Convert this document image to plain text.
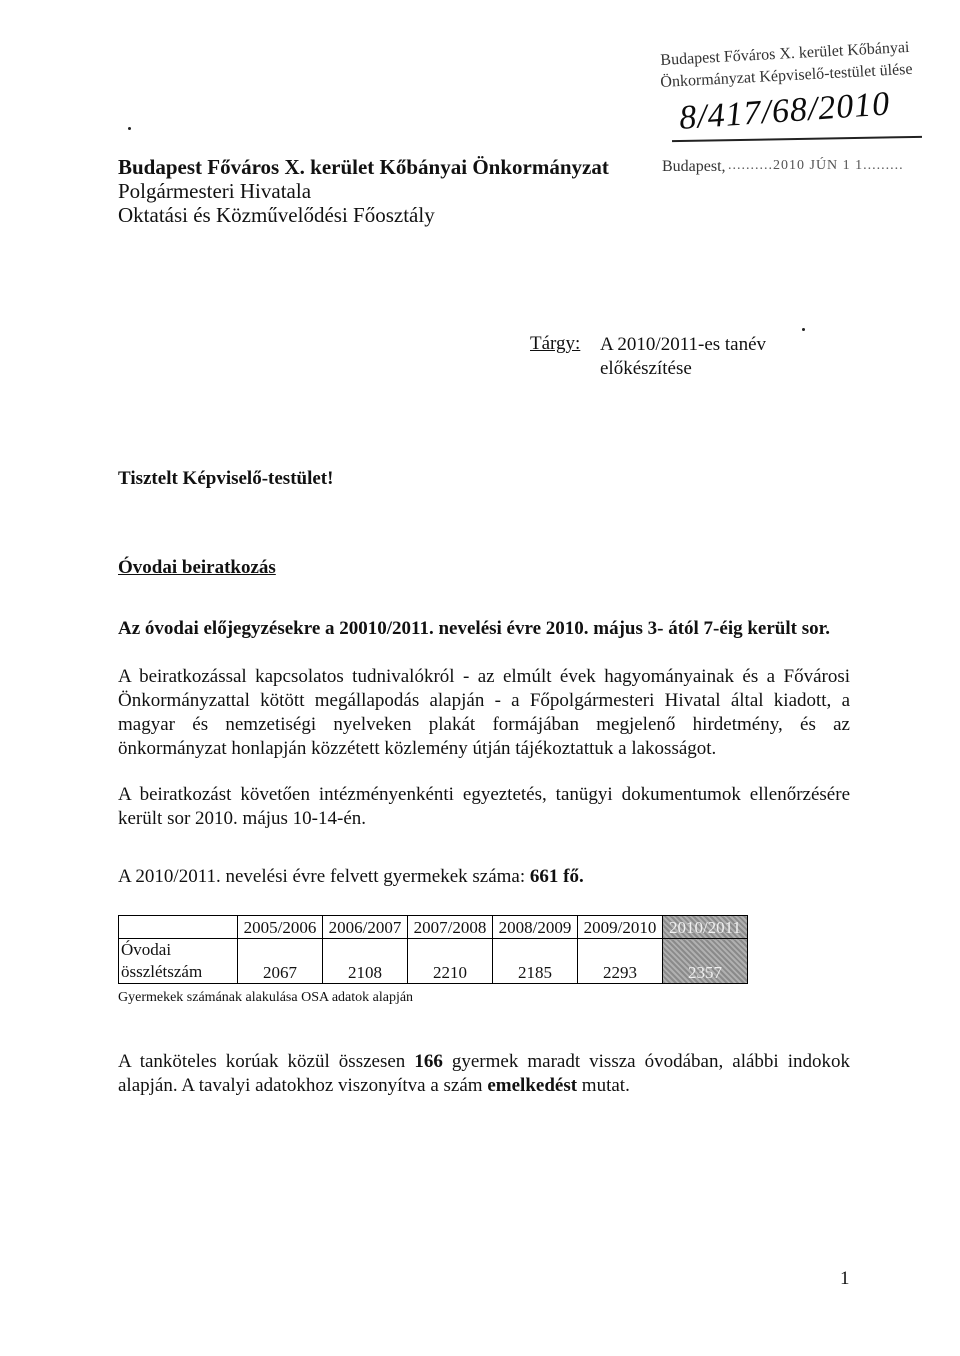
Budapest Főváros X. kerület Kőbányai
Önkormányzat Képviselő-testület ülése
8/417/68/2010
Budapest, ..........2010 JÚN 1 1.........
Budapest Főváros X. kerület Kőbányai Önkormányzat
Polgármesteri Hivatala
Oktatási és Közművelődési Főosztály
Tárgy: A 2010/2011-es tanév
előkészítése
Tisztelt Képviselő-testület!
Óvodai beiratkozás
Az óvodai előjegyzésekre a 20010/2011. nevelési évre 2010. május 3- ától 7-éig került sor.
A beiratkozással kapcsolatos tudnivalókról - az elmúlt évek hagyományainak és a Fővárosi Önkormányzattal kötött megállapodás alapján - a Főpolgármesteri Hivatal által kiadott, a magyar és nemzetiségi nyelveken plakát formájában megjelenő hirdetmény, és az önkormányzat honlapján közzétett közlemény útján tájékoztattuk a lakosságot.
A beiratkozást követően intézményenkénti egyeztetés, tanügyi dokumentumok ellenőrzésére került sor 2010. május 10-14-én.
A 2010/2011. nevelési évre felvett gyermekek száma: 661 fő.
	2005/2006	2006/2007	2007/2008	2008/2009	2009/2010	2010/2011

Óvodai
összlétszám	2067	2108	2210	2185	2293	2357
Gyermekek számának alakulása OSA adatok alapján
A tanköteles korúak közül összesen 166 gyermek maradt vissza óvodában, alábbi indokok alapján. A tavalyi adatokhoz viszonyítva a szám emelkedést mutat.
1
